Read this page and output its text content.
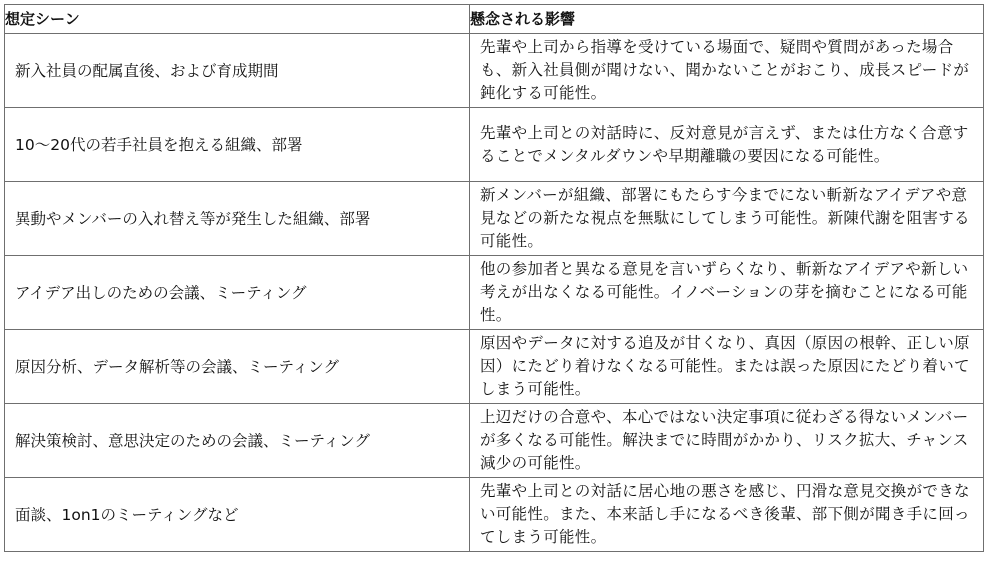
想定シーン	懸念される影響
新入社員の配属直後、および育成期間	先輩や上司から指導を受けている場面で、疑問や質問があった場合も、新入社員側が聞けない、聞かないことがおこり、成長スピードが鈍化する可能性。
10～20代の若手社員を抱える組織、部署	先輩や上司との対話時に、反対意見が言えず、または仕方なく合意することでメンタルダウンや早期離職の要因になる可能性。
異動やメンバーの入れ替え等が発生した組織、部署	新メンバーが組織、部署にもたらす今までにない斬新なアイデアや意見などの新たな視点を無駄にしてしまう可能性。新陳代謝を阻害する可能性。
アイデア出しのための会議、ミーティング	他の参加者と異なる意見を言いずらくなり、斬新なアイデアや新しい考えが出なくなる可能性。イノベーションの芽を摘むことになる可能性。
原因分析、データ解析等の会議、ミーティング	原因やデータに対する追及が甘くなり、真因（原因の根幹、正しい原因）にたどり着けなくなる可能性。または誤った原因にたどり着いてしまう可能性。
解決策検討、意思決定のための会議、ミーティング	上辺だけの合意や、本心ではない決定事項に従わざる得ないメンバーが多くなる可能性。解決までに時間がかかり、リスク拡大、チャンス減少の可能性。
面談、1on1のミーティングなど	先輩や上司との対話に居心地の悪さを感じ、円滑な意見交換ができない可能性。また、本来話し手になるべき後輩、部下側が聞き手に回ってしまう可能性。
